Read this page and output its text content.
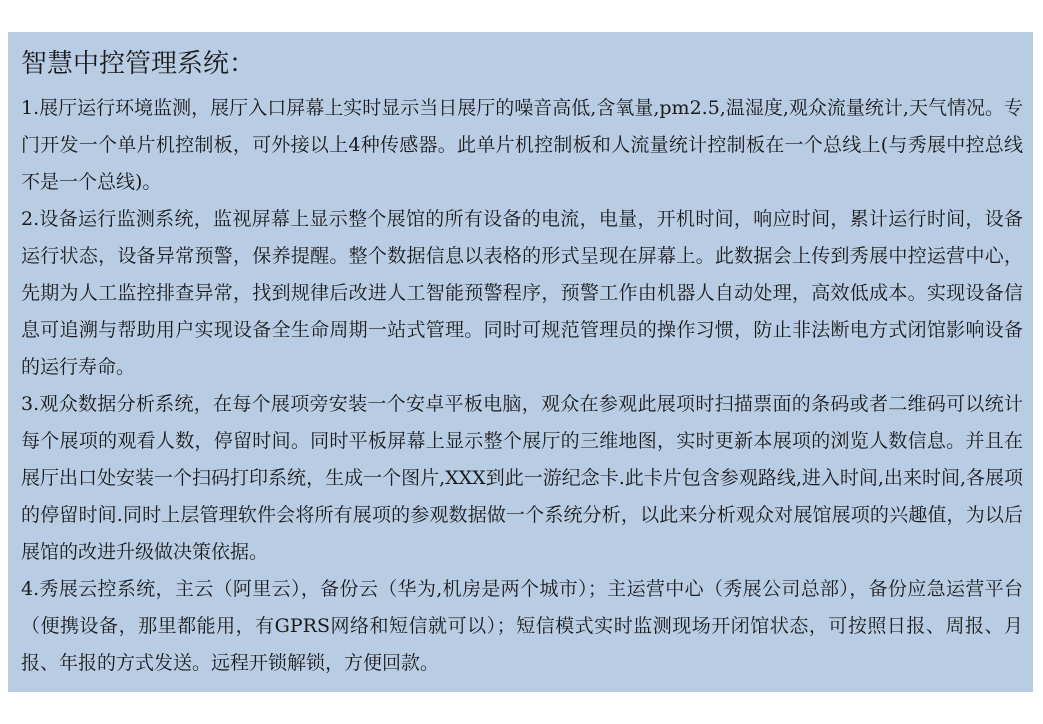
智慧中控管理系统：

1.展厅运行环境监测，展厅入口屏幕上实时显示当日展厅的噪音高低,含氧量,pm2.5,温湿度,观众流量统计,天气情况。专门开发一个单片机控制板，可外接以上4种传感器。此单片机控制板和人流量统计控制板在一个总线上(与秀展中控总线不是一个总线)。

2.设备运行监测系统，监视屏幕上显示整个展馆的所有设备的电流，电量，开机时间，响应时间，累计运行时间，设备运行状态，设备异常预警，保养提醒。整个数据信息以表格的形式呈现在屏幕上。此数据会上传到秀展中控运营中心，先期为人工监控排查异常，找到规律后改进人工智能预警程序，预警工作由机器人自动处理，高效低成本。实现设备信息可追溯与帮助用户实现设备全生命周期一站式管理。同时可规范管理员的操作习惯，防止非法断电方式闭馆影响设备的运行寿命。

3.观众数据分析系统，在每个展项旁安装一个安卓平板电脑，观众在参观此展项时扫描票面的条码或者二维码可以统计每个展项的观看人数，停留时间。同时平板屏幕上显示整个展厅的三维地图，实时更新本展项的浏览人数信息。并且在展厅出口处安装一个扫码打印系统，生成一个图片,XXX到此一游纪念卡.此卡片包含参观路线,进入时间,出来时间,各展项的停留时间.同时上层管理软件会将所有展项的参观数据做一个系统分析，以此来分析观众对展馆展项的兴趣值，为以后展馆的改进升级做决策依据。

4.秀展云控系统，主云（阿里云），备份云（华为,机房是两个城市）；主运营中心（秀展公司总部），备份应急运营平台（便携设备，那里都能用，有GPRS网络和短信就可以）；短信模式实时监测现场开闭馆状态，可按照日报、周报、月报、年报的方式发送。远程开锁解锁，方便回款。
